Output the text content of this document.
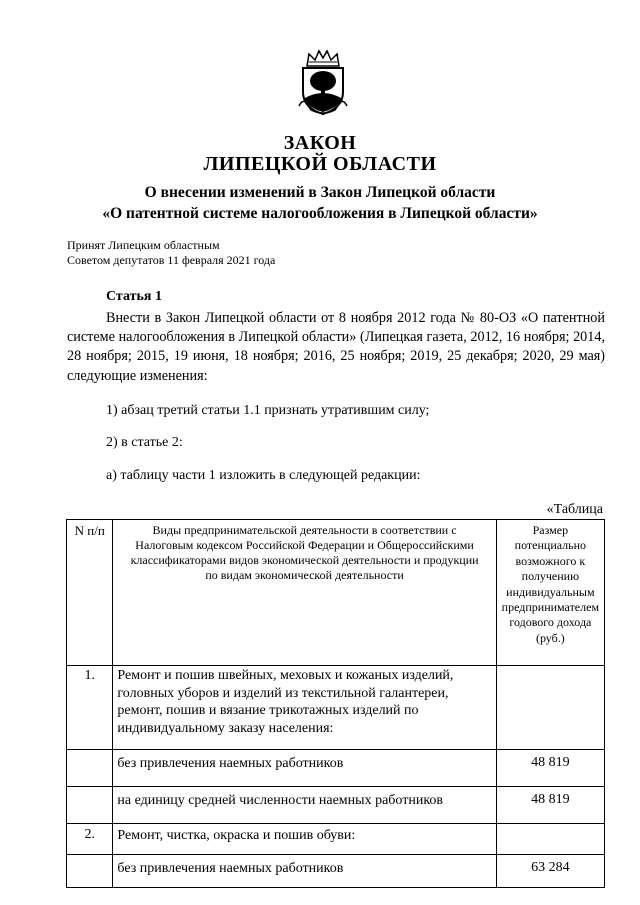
ЗАКОН
ЛИПЕЦКОЙ ОБЛАСТИ
О внесении изменений в Закон Липецкой области
«О патентной системе налогообложения в Липецкой области»
Принят Липецким областным
Советом депутатов 11 февраля 2021 года
Статья 1
Внести в Закон Липецкой области от 8 ноября 2012 года № 80-ОЗ «О патентной системе налогообложения в Липецкой области» (Липецкая газета, 2012, 16 ноября; 2014, 28 ноября; 2015, 19 июня, 18 ноября; 2016, 25 ноября; 2019, 25 декабря; 2020, 29 мая) следующие изменения:
1) абзац третий статьи 1.1 признать утратившим силу;
2) в статье 2:
а) таблицу части 1 изложить в следующей редакции:
«Таблица
N п/п	Виды предпринимательской деятельности в соответствии с Налоговым кодексом Российской Федерации и Общероссийскими классификаторами видов экономической деятельности и продукции по видам экономической деятельности	Размер потенциально возможного к получению индивидуальным предпринимателем годового дохода (руб.)
1.	Ремонт и пошив швейных, меховых и кожаных изделий, головных уборов и изделий из текстильной галантереи, ремонт, пошив и вязание трикотажных изделий по индивидуальному заказу населения:	
	без привлечения наемных работников	48 819
	на единицу средней численности наемных работников	48 819
2.	Ремонт, чистка, окраска и пошив обуви:	
	без привлечения наемных работников	63 284
